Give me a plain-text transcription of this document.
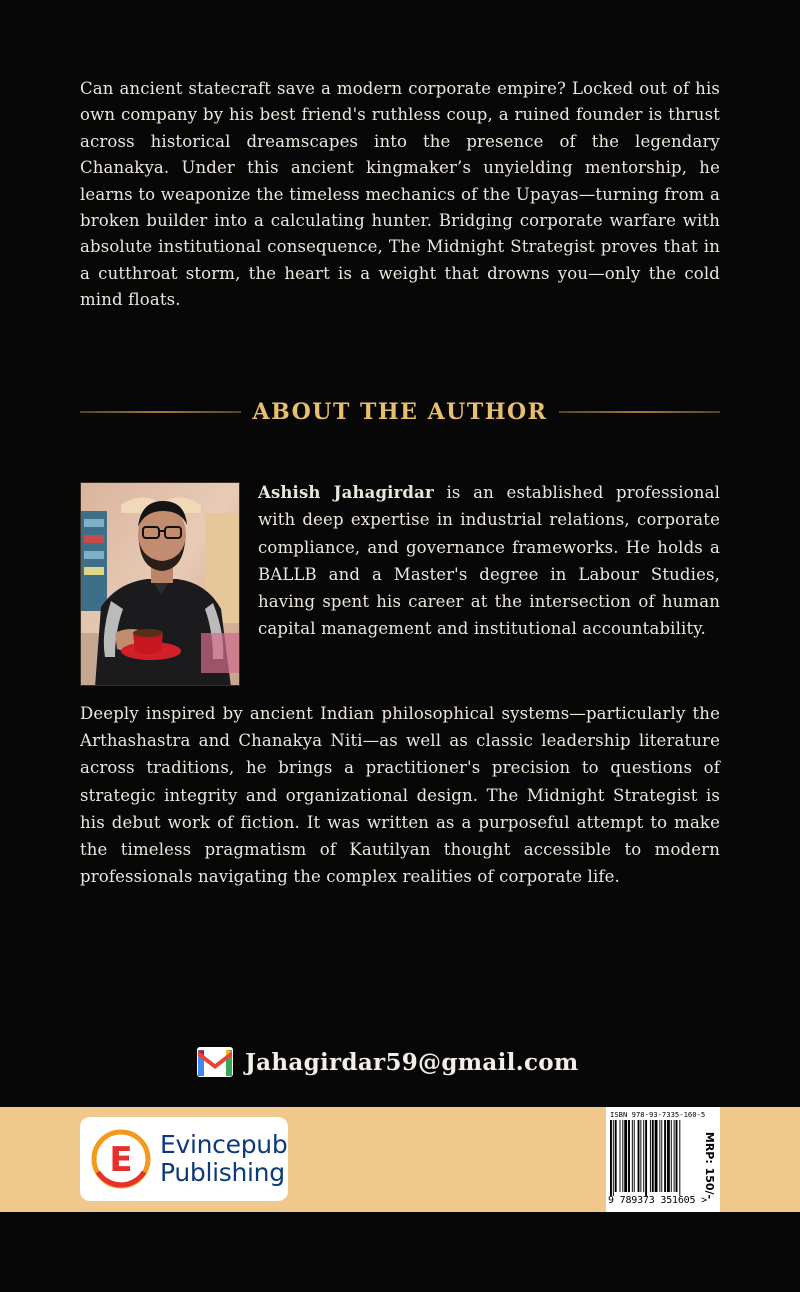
Can ancient statecraft save a modern corporate empire? Locked out of his own company by his best friend's ruthless coup, a ruined founder is thrust across historical dreamscapes into the presence of the legendary Chanakya. Under this ancient kingmaker’s unyielding mentorship, he learns to weaponize the timeless mechanics of the Upayas—turning from a broken builder into a calculating hunter. Bridging corporate warfare with absolute institutional consequence, The Midnight Strategist proves that in a cutthroat storm, the heart is a weight that drowns you—only the cold mind floats.

ABOUT THE AUTHOR

Ashish Jahagirdar is an established professional with deep expertise in industrial relations, corporate compliance, and governance frameworks. He holds a BALLB and a Master's degree in Labour Studies, having spent his career at the intersection of human capital management and institutional accountability.

Deeply inspired by ancient Indian philosophical systems—particularly the Arthashastra and Chanakya Niti—as well as classic leadership literature across traditions, he brings a practitioner's precision to questions of strategic integrity and organizational design. The Midnight Strategist is his debut work of fiction. It was written as a purposeful attempt to make the timeless pragmatism of Kautilyan thought accessible to modern professionals navigating the complex realities of corporate life.

Jahagirdar59@gmail.com
E Evincepub
Publishing
ISBN 978-93-7335-160-5
9 789373 351605 >
MRP: 150/-
